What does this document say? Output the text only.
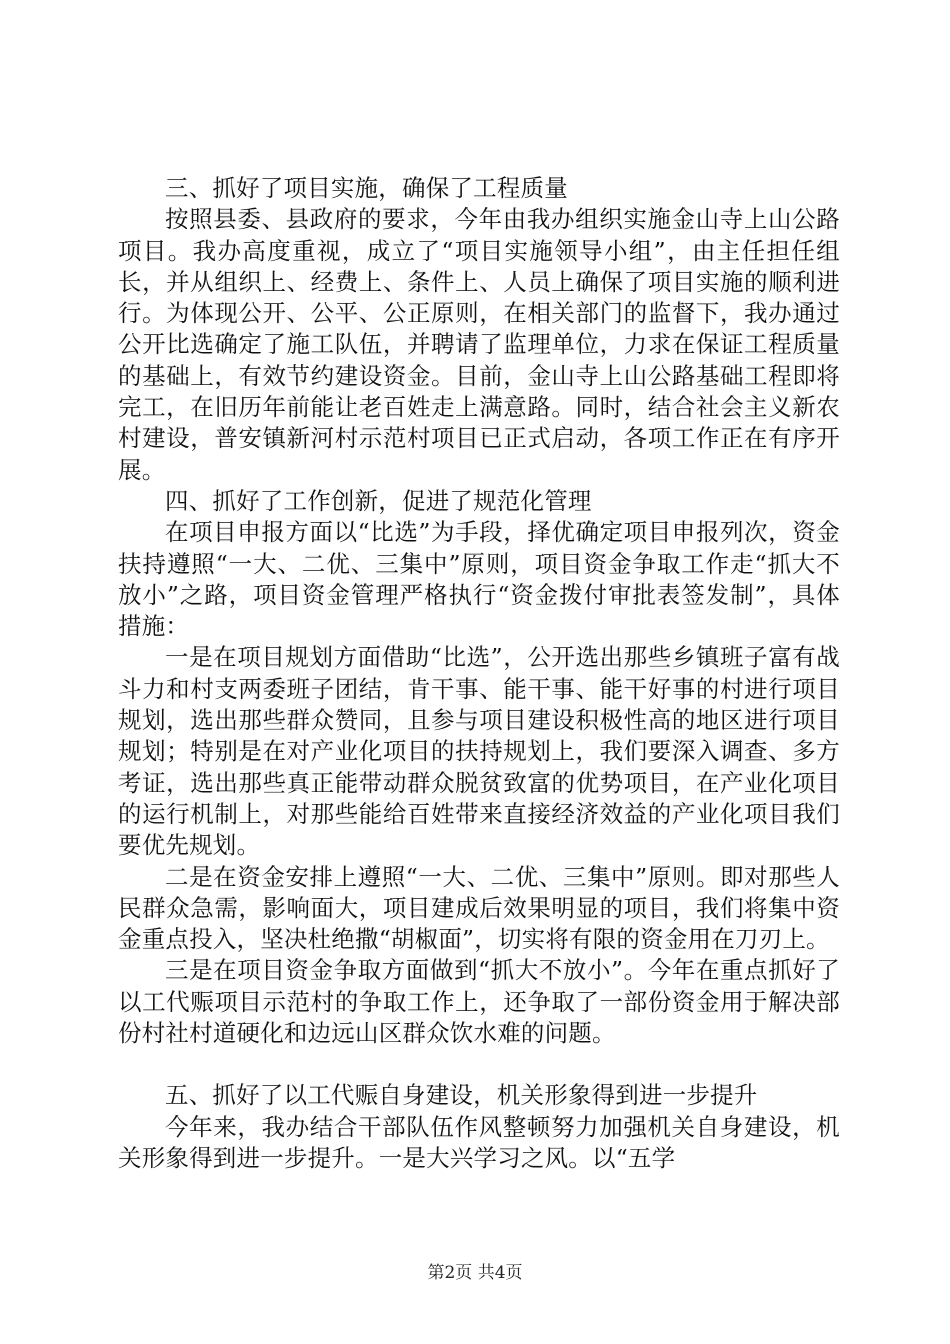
三、抓好了项目实施，确保了工程质量

按照县委、县政府的要求，今年由我办组织实施金山寺上山公路项目。我办高度重视，成立了“项目实施领导小组”，由主任担任组长，并从组织上、经费上、条件上、人员上确保了项目实施的顺利进行。为体现公开、公平、公正原则，在相关部门的监督下，我办通过公开比选确定了施工队伍，并聘请了监理单位，力求在保证工程质量的基础上，有效节约建设资金。目前，金山寺上山公路基础工程即将完工，在旧历年前能让老百姓走上满意路。同时，结合社会主义新农村建设，普安镇新河村示范村项目已正式启动，各项工作正在有序开展。

四、抓好了工作创新，促进了规范化管理

在项目申报方面以“比选”为手段，择优确定项目申报列次，资金扶持遵照“一大、二优、三集中”原则，项目资金争取工作走“抓大不放小”之路，项目资金管理严格执行“资金拨付审批表签发制”，具体措施：

一是在项目规划方面借助“比选”，公开选出那些乡镇班子富有战斗力和村支两委班子团结，肯干事、能干事、能干好事的村进行项目规划，选出那些群众赞同，且参与项目建设积极性高的地区进行项目规划；特别是在对产业化项目的扶持规划上，我们要深入调查、多方考证，选出那些真正能带动群众脱贫致富的优势项目，在产业化项目的运行机制上，对那些能给百姓带来直接经济效益的产业化项目我们要优先规划。

二是在资金安排上遵照“一大、二优、三集中”原则。即对那些人民群众急需，影响面大，项目建成后效果明显的项目，我们将集中资金重点投入，坚决杜绝撒“胡椒面”，切实将有限的资金用在刀刃上。

三是在项目资金争取方面做到“抓大不放小”。今年在重点抓好了以工代赈项目示范村的争取工作上，还争取了一部份资金用于解决部份村社村道硬化和边远山区群众饮水难的问题。

五、抓好了以工代赈自身建设，机关形象得到进一步提升

今年来，我办结合干部队伍作风整顿努力加强机关自身建设，机关形象得到进一步提升。一是大兴学习之风。以“五学

第2页 共4页
